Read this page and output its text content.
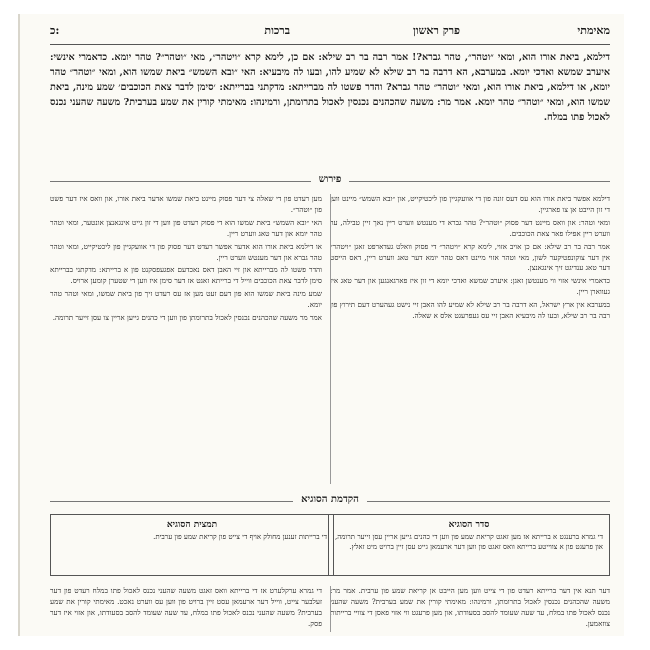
מאימתי
פרק ראשון
ברכות
כ:

דילמא, ביאת אורו הוא, ומאי ״וטהר״, טהר גברא?! אמר רבה בר רב שילא: אם כן, לימא קרא ״ויטהר״, מאי ״וטהר״? טהר יומא. כדאמרי אינשי: איערב שמשא ואדכי יומא. במערבא, הא דרבה בר רב שילא לא שמיע להו, ובעו לה מיבעיא: האי ״ובא השמש״ ביאת שמשו הוא, ומאי ״וטהר״ טהר יומא, או דילמא, ביאת אורו הוא, ומאי ״וטהר״ טהר גברא? והדר פשטו לה מברייתא: מדקתני בברייתא: ׳סימן לדבר צאת הכוכבים׳ שמע מינה, ביאת שמשו הוא, ומאי ״וטהר״ טהר יומא. אמר מר: משעה שהכהנים נכנסין לאכול בתרומתן, ורמינהו: מאימתי קורין את שמע בערבית? משעה שהעני נכנס לאכול פתו במלח.

פירוש

דילמא אפשר ביאת אורו הוא עס דעס זונה פון די אוועקגיין פון ליכטיקייט, און ״ובא השמש״ מיינט ווען די זון הייבט אן צו פארגיין.

ומאי וטהר: און וואס מיינט דער פסוק ״וטהר״? טהר גברא די מענטש ווערט ריין נאך זיין טבילה, ער ווערט ריין אפילו פאר צאת הכוכבים.

אמר רבה בר רב שילא: אם כן אויב אזוי, לימא קרא ״ויטהר״ די פסוק וואלט געדארפט זאגן ״ויטהר״ אין דער צוקונפטיקער לשון, מאי וטהר אזוי מיינט דאס טהר יומא דער טאג ווערט ריין, דאס הייסט דער טאג ענדיגט זיך אינגאנצן.

כדאמרי אינשי אזוי ווי מענטשן זאגן: איערב שמשא ואדכי יומא די זון איז פארגאנגען און דער טאג איז געווארן ריין.

במערבא אין ארץ ישראל, הא דרבה בר רב שילא לא שמיע להו האבן זיי נישט געהערט דעם תירוץ פון רבה בר רב שילא, ובעו לה מיבעיא האבן זיי עס געפרעגט אלס א שאלה.

מען רעדט פון די שאלה צי דער פסוק מיינט ביאת שמשו אדער ביאת אורו, און וואס איז דער פשט פון ״וטהר״.

האי ״ובא השמש״ ביאת שמשו הוא די פסוק רעדט פון ווען די זון גייט אינגאנצן אונטער, ומאי וטהר טהר יומא און דער טאג ווערט ריין.

או דילמא ביאת אורו הוא אדער אפשר רעדט דער פסוק פון די אוועקגיין פון ליכטיקייט, ומאי וטהר טהר גברא און דער מענטש ווערט ריין.

והדר פשטו לה מברייתא און זיי האבן דאס נאכדעם אפגעפסקנט פון א ברייתא: מדקתני בברייתא סימן לדבר צאת הכוכבים ווייל די ברייתא זאגט אז דער סימן איז ווען די שטערן קומען ארויס.

שמע מינה ביאת שמשו הוא פון דעם זעט מען אז עס רעדט זיך פון ביאת שמשו, ומאי וטהר טהר יומא.

אמר מר משעה שהכהנים נכנסין לאכול בתרומתן פון ווען די כהנים גייען אריין צו עסן זייער תרומה.

הקדמת הסוגיא
סדר הסוגיא
די גמרא ברענגט א ברייתא אז מען זאגט קריאת שמע פון ווען די כהנים גייען אריין עסן זייער תרומה, און פרעגט פון א צווייטע ברייתא וואס זאגט פון ווען דער ארעמאן גייט עסן זיין ברויט מיט זאלץ.
תמצית הסוגיא
די ברייתות זענען מחולק אויף די צייט פון קריאת שמע פון ערבית.

דער תנא אין דער ברייתא רעדט פון די צייט ווען מען הייבט אן קריאת שמע פון ערבית. אמר מר: משעה שהכהנים נכנסין לאכול בתרומתן, ורמינהו: מאימתי קורין את שמע בערבית? משעה שהעני נכנס לאכול פתו במלח, עד שעה שעומד להסב בסעודתו, און מען פרעגט ווי אזוי פאסן די צוויי ברייתות צוזאמען.

די גמרא ערקלערט אז די ברייתא וואס זאגט משעה שהעני נכנס לאכול פתו במלח רעדט פון דער זעלבער צייט, ווייל דער ארעמאן עסט זיין ברויט פון ווען עס ווערט נאכט. מאימתי קורין את שמע בערבית? משעה שהעני נכנס לאכול פתו במלח, עד שעה שעומד להסב בסעודתו, און אזוי איז דער פסק.
